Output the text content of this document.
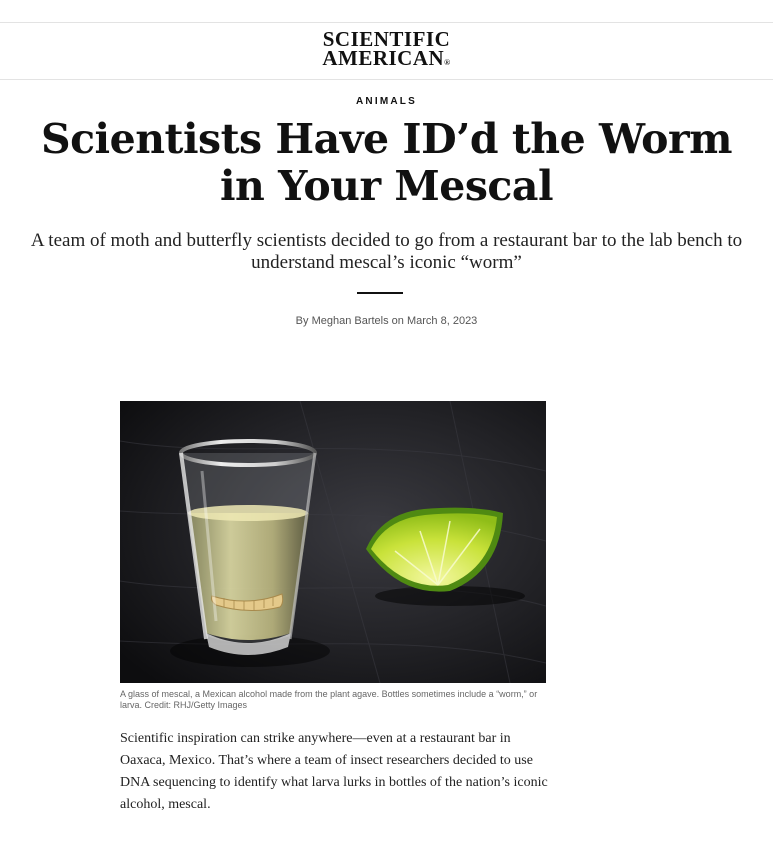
SCIENTIFIC
AMERICAN®
ANIMALS
Scientists Have ID’d the Worm in Your Mescal

A team of moth and butterfly scientists decided to go from a restaurant bar to the lab bench to understand mescal’s iconic “worm”

By Meghan Bartels on March 8, 2023

A glass of mescal, a Mexican alcohol made from the plant agave. Bottles sometimes include a “worm,” or larva. Credit: RHJ/Getty Images

Scientific inspiration can strike anywhere—even at a restaurant bar in Oaxaca, Mexico. That’s where a team of insect researchers decided to use DNA sequencing to identify what larva lurks in bottles of the nation’s iconic alcohol, mescal.
